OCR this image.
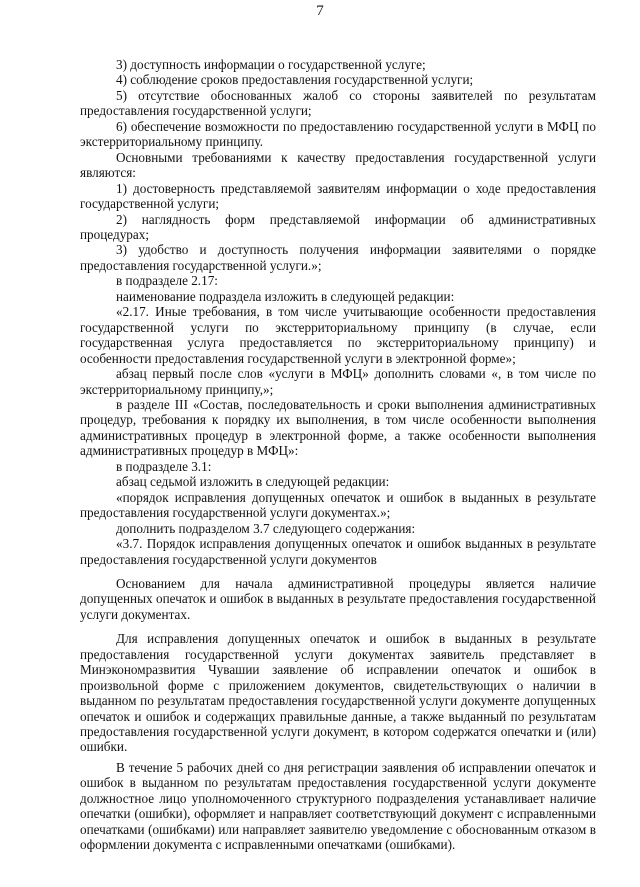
7

3) доступность информации о государственной услуге;

4) соблюдение сроков предоставления государственной услуги;

5) отсутствие обоснованных жалоб со стороны заявителей по результатам предоставления государственной услуги;

6) обеспечение возможности по предоставлению государственной услуги в МФЦ по экстерриториальному принципу.

Основными требованиями к качеству предоставления государственной услуги являются:

1) достоверность представляемой заявителям информации о ходе предоставления государственной услуги;

2) наглядность форм представляемой информации об административных процедурах;

3) удобство и доступность получения информации заявителями о порядке предоставления государственной услуги.»;

в подразделе 2.17:

наименование подраздела изложить в следующей редакции:

«2.17. Иные требования, в том числе учитывающие особенности предоставления государственной услуги по экстерриториальному принципу (в случае, если государственная услуга предоставляется по экстерриториальному принципу) и особенности предоставления государственной услуги в электронной форме»;

абзац первый после слов «услуги в МФЦ» дополнить словами «, в том числе по экстерриториальному принципу,»;

в разделе III «Состав, последовательность и сроки выполнения административных процедур, требования к порядку их выполнения, в том числе особенности выполнения административных процедур в электронной форме, а также особенности выполнения административных процедур в МФЦ»:

в подразделе 3.1:

абзац седьмой изложить в следующей редакции:

«порядок исправления допущенных опечаток и ошибок в выданных в результате предоставления государственной услуги документах.»;

дополнить подразделом 3.7 следующего содержания:

«3.7. Порядок исправления допущенных опечаток и ошибок выданных в результате предоставления государственной услуги документов

Основанием для начала административной процедуры является наличие допущенных опечаток и ошибок в выданных в результате предоставления государственной услуги документах.

Для исправления допущенных опечаток и ошибок в выданных в результате предоставления государственной услуги документах заявитель представляет в Минэкономразвития Чувашии заявление об исправлении опечаток и ошибок в произвольной форме с приложением документов, свидетельствующих о наличии в выданном по результатам предоставления государственной услуги документе допущенных опечаток и ошибок и содержащих правильные данные, а также выданный по результатам предоставления государственной услуги документ, в котором содержатся опечатки и (или) ошибки.

В течение 5 рабочих дней со дня регистрации заявления об исправлении опечаток и ошибок в выданном по результатам предоставления государственной услуги документе должностное лицо уполномоченного структурного подразделения устанавливает наличие опечатки (ошибки), оформляет и направляет соответствующий документ с исправленными опечатками (ошибками) или направляет заявителю уведомление с обоснованным отказом в оформлении документа с исправленными опечатками (ошибками).
